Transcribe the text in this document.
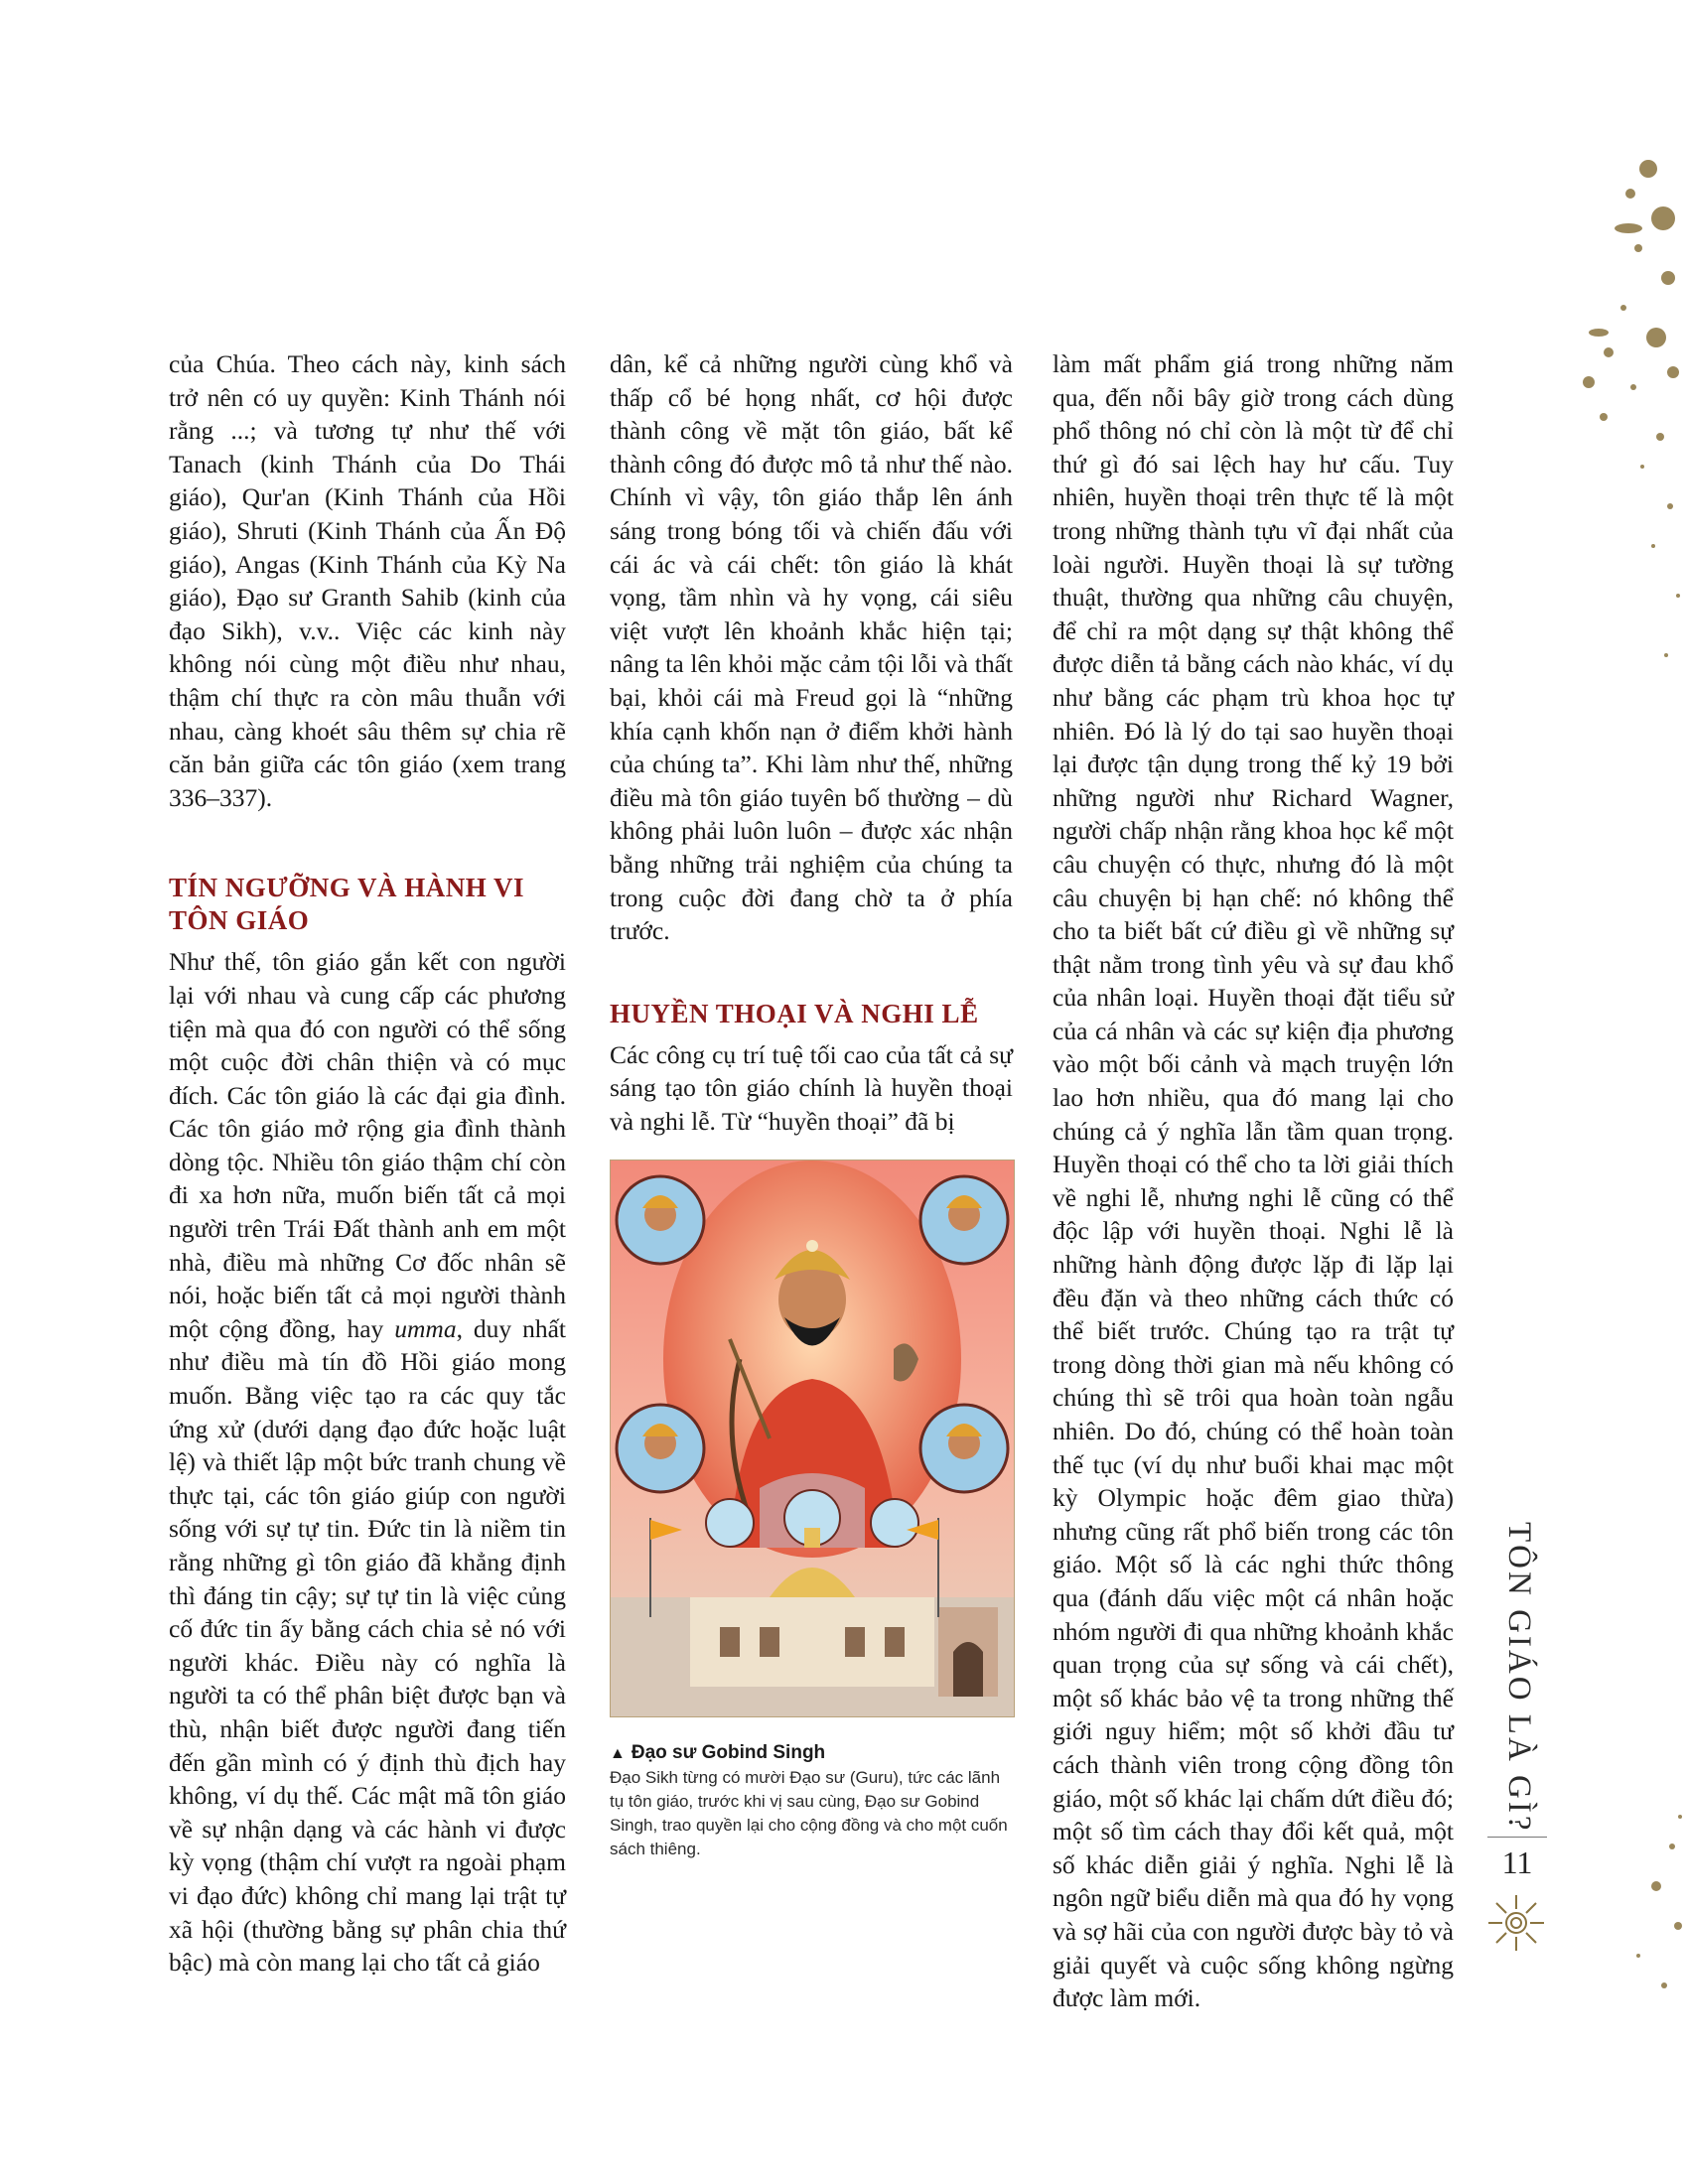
của Chúa. Theo cách này, kinh sách trở nên có uy quyền: Kinh Thánh nói rằng ...; và tương tự như thế với Tanach (kinh Thánh của Do Thái giáo), Qur'an (Kinh Thánh của Hồi giáo), Shruti (Kinh Thánh của Ấn Độ giáo), Angas (Kinh Thánh của Kỳ Na giáo), Đạo sư Granth Sahib (kinh của đạo Sikh), v.v.. Việc các kinh này không nói cùng một điều như nhau, thậm chí thực ra còn mâu thuẫn với nhau, càng khoét sâu thêm sự chia rẽ căn bản giữa các tôn giáo (xem trang 336–337).

TÍN NGƯỠNG VÀ HÀNH VI TÔN GIÁO

Như thế, tôn giáo gắn kết con người lại với nhau và cung cấp các phương tiện mà qua đó con người có thể sống một cuộc đời chân thiện và có mục đích. Các tôn giáo là các đại gia đình. Các tôn giáo mở rộng gia đình thành dòng tộc. Nhiều tôn giáo thậm chí còn đi xa hơn nữa, muốn biến tất cả mọi người trên Trái Đất thành anh em một nhà, điều mà những Cơ đốc nhân sẽ nói, hoặc biến tất cả mọi người thành một cộng đồng, hay umma, duy nhất như điều mà tín đồ Hồi giáo mong muốn. Bằng việc tạo ra các quy tắc ứng xử (dưới dạng đạo đức hoặc luật lệ) và thiết lập một bức tranh chung về thực tại, các tôn giáo giúp con người sống với sự tự tin. Đức tin là niềm tin rằng những gì tôn giáo đã khẳng định thì đáng tin cậy; sự tự tin là việc củng cố đức tin ấy bằng cách chia sẻ nó với người khác. Điều này có nghĩa là người ta có thể phân biệt được bạn và thù, nhận biết được người đang tiến đến gần mình có ý định thù địch hay không, ví dụ thế. Các mật mã tôn giáo về sự nhận dạng và các hành vi được kỳ vọng (thậm chí vượt ra ngoài phạm vi đạo đức) không chỉ mang lại trật tự xã hội (thường bằng sự phân chia thứ bậc) mà còn mang lại cho tất cả giáo

dân, kể cả những người cùng khổ và thấp cổ bé họng nhất, cơ hội được thành công về mặt tôn giáo, bất kể thành công đó được mô tả như thế nào. Chính vì vậy, tôn giáo thắp lên ánh sáng trong bóng tối và chiến đấu với cái ác và cái chết: tôn giáo là khát vọng, tầm nhìn và hy vọng, cái siêu việt vượt lên khoảnh khắc hiện tại; nâng ta lên khỏi mặc cảm tội lỗi và thất bại, khỏi cái mà Freud gọi là “những khía cạnh khốn nạn ở điểm khởi hành của chúng ta”. Khi làm như thế, những điều mà tôn giáo tuyên bố thường – dù không phải luôn luôn – được xác nhận bằng những trải nghiệm của chúng ta trong cuộc đời đang chờ ta ở phía trước.

HUYỀN THOẠI VÀ NGHI LỄ

Các công cụ trí tuệ tối cao của tất cả sự sáng tạo tôn giáo chính là huyền thoại và nghi lễ. Từ “huyền thoại” đã bị

▲ Đạo sư Gobind Singh
Đạo Sikh từng có mười Đạo sư (Guru), tức các lãnh tụ tôn giáo, trước khi vị sau cùng, Đạo sư Gobind Singh, trao quyền lại cho cộng đồng và cho một cuốn sách thiêng.

làm mất phẩm giá trong những năm qua, đến nỗi bây giờ trong cách dùng phổ thông nó chỉ còn là một từ để chỉ thứ gì đó sai lệch hay hư cấu. Tuy nhiên, huyền thoại trên thực tế là một trong những thành tựu vĩ đại nhất của loài người. Huyền thoại là sự tường thuật, thường qua những câu chuyện, để chỉ ra một dạng sự thật không thể được diễn tả bằng cách nào khác, ví dụ như bằng các phạm trù khoa học tự nhiên. Đó là lý do tại sao huyền thoại lại được tận dụng trong thế kỷ 19 bởi những người như Richard Wagner, người chấp nhận rằng khoa học kể một câu chuyện có thực, nhưng đó là một câu chuyện bị hạn chế: nó không thể cho ta biết bất cứ điều gì về những sự thật nằm trong tình yêu và sự đau khổ của nhân loại. Huyền thoại đặt tiểu sử của cá nhân và các sự kiện địa phương vào một bối cảnh và mạch truyện lớn lao hơn nhiều, qua đó mang lại cho chúng cả ý nghĩa lẫn tầm quan trọng. Huyền thoại có thể cho ta lời giải thích về nghi lễ, nhưng nghi lễ cũng có thể độc lập với huyền thoại. Nghi lễ là những hành động được lặp đi lặp lại đều đặn và theo những cách thức có thể biết trước. Chúng tạo ra trật tự trong dòng thời gian mà nếu không có chúng thì sẽ trôi qua hoàn toàn ngẫu nhiên. Do đó, chúng có thể hoàn toàn thế tục (ví dụ như buổi khai mạc một kỳ Olympic hoặc đêm giao thừa) nhưng cũng rất phổ biến trong các tôn giáo. Một số là các nghi thức thông qua (đánh dấu việc một cá nhân hoặc nhóm người đi qua những khoảnh khắc quan trọng của sự sống và cái chết), một số khác bảo vệ ta trong những thế giới nguy hiểm; một số khởi đầu tư cách thành viên trong cộng đồng tôn giáo, một số khác lại chấm dứt điều đó; một số tìm cách thay đổi kết quả, một số khác diễn giải ý nghĩa. Nghi lễ là ngôn ngữ biểu diễn mà qua đó hy vọng và sợ hãi của con người được bày tỏ và giải quyết và cuộc sống không ngừng được làm mới.

TÔN GIÁO LÀ GÌ?
11
